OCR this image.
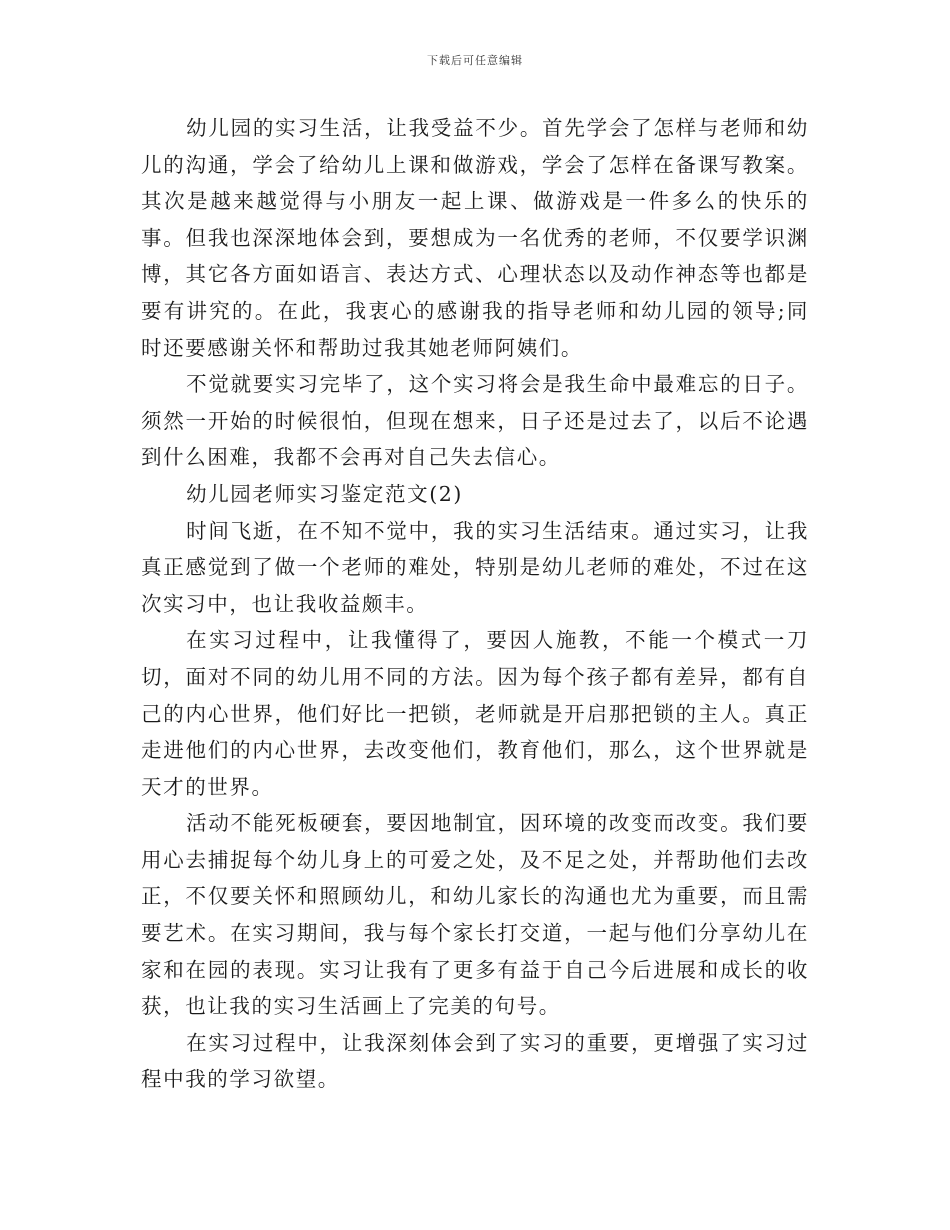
下载后可任意编辑

幼儿园的实习生活，让我受益不少。首先学会了怎样与老师和幼儿的沟通，学会了给幼儿上课和做游戏，学会了怎样在备课写教案。其次是越来越觉得与小朋友一起上课、做游戏是一件多么的快乐的事。但我也深深地体会到，要想成为一名优秀的老师，不仅要学识渊博，其它各方面如语言、表达方式、心理状态以及动作神态等也都是要有讲究的。在此，我衷心的感谢我的指导老师和幼儿园的领导;同时还要感谢关怀和帮助过我其她老师阿姨们。

不觉就要实习完毕了，这个实习将会是我生命中最难忘的日子。须然一开始的时候很怕，但现在想来，日子还是过去了，以后不论遇到什么困难，我都不会再对自己失去信心。

幼儿园老师实习鉴定范文(2)

时间飞逝，在不知不觉中，我的实习生活结束。通过实习，让我真正感觉到了做一个老师的难处，特别是幼儿老师的难处，不过在这次实习中，也让我收益颇丰。

在实习过程中，让我懂得了，要因人施教，不能一个模式一刀切，面对不同的幼儿用不同的方法。因为每个孩子都有差异，都有自己的内心世界，他们好比一把锁，老师就是开启那把锁的主人。真正走进他们的内心世界，去改变他们，教育他们，那么，这个世界就是天才的世界。

活动不能死板硬套，要因地制宜，因环境的改变而改变。我们要用心去捕捉每个幼儿身上的可爱之处，及不足之处，并帮助他们去改正，不仅要关怀和照顾幼儿，和幼儿家长的沟通也尤为重要，而且需要艺术。在实习期间，我与每个家长打交道，一起与他们分享幼儿在家和在园的表现。实习让我有了更多有益于自己今后进展和成长的收获，也让我的实习生活画上了完美的句号。

在实习过程中，让我深刻体会到了实习的重要，更增强了实习过程中我的学习欲望。
